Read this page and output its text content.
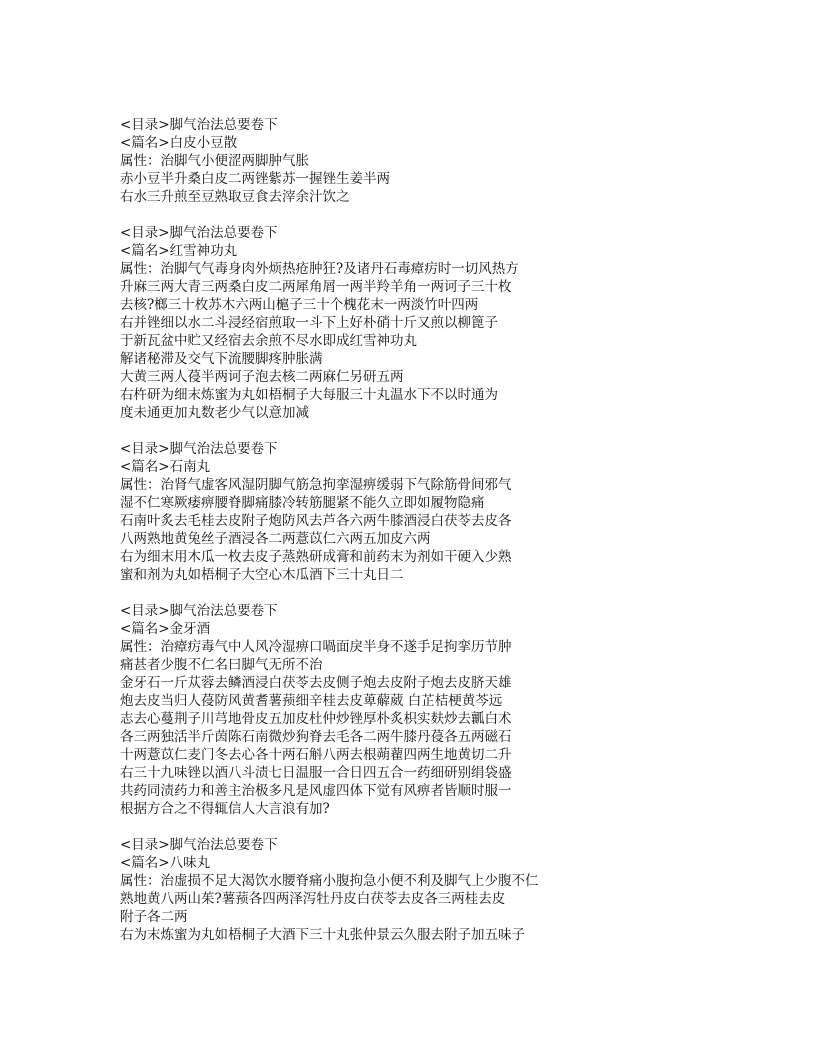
<目录>脚气治法总要卷下
<篇名>白皮小豆散
属性：治脚气小便涩两脚肿气胀
赤小豆半升桑白皮二两锉紫苏一握锉生姜半两
右水三升煎至豆熟取豆食去滓余汁饮之
<目录>脚气治法总要卷下
<篇名>红雪神功丸
属性：治脚气气毒身肉外烦热疮肿狂?及诸丹石毒瘴疠时一切风热方
升麻三两大青三两桑白皮二两犀角屑一两半羚羊角一两诃子三十枚
去核?榔三十枚苏木六两山槴子三十个槐花末一两淡竹叶四两
右并锉细以水二斗浸经宿煎取一斗下上好朴硝十斤又煎以柳篦子
于新瓦盆中贮又经宿去余煎不尽水即成红雪神功丸
解诸秘滞及交气下流腰脚疼肿胀满
大黄三两人葠半两诃子泡去核二两麻仁另研五两
右杵研为细末炼蜜为丸如梧桐子大每服三十丸温水下不以时通为
度未通更加丸数老少气以意加减
<目录>脚气治法总要卷下
<篇名>石南丸
属性：治肾气虚客风湿阴脚气筋急拘挛湿痹缓弱下气除筋骨间邪气
湿不仁寒厥痿痹腰脊脚痛膝冷转筋腿紧不能久立即如履物隐痛
石南叶炙去毛桂去皮附子炮防风去芦各六两牛膝酒浸白茯苓去皮各
八两熟地黄兔丝子酒浸各二两薏苡仁六两五加皮六两
右为细末用木瓜一枚去皮子蒸熟研成膏和前药末为剂如干硬入少熟
蜜和剂为丸如梧桐子大空心木瓜酒下三十丸日二
<目录>脚气治法总要卷下
<篇名>金牙酒
属性：治瘴疠毒气中人风冷湿痹口喎面戾半身不遂手足拘挛历节肿
痛甚者少腹不仁名曰脚气无所不治
金牙石一斤苁蓉去鳞酒浸白茯苓去皮侧子炮去皮附子炮去皮脐天雄
炮去皮当归人葠防风黄耆薯蓣细辛桂去皮萆薢葳 白芷桔梗黄芩远
志去心蔓荆子川芎地骨皮五加皮杜仲炒锉厚朴炙枳实麸炒去瓤白术
各三两独活半斤茵陈石南微炒狗脊去毛各二两牛膝丹葠各五两磁石
十两薏苡仁麦门冬去心各十两石斛八两去根蒴藋四两生地黄切二升
右三十九味锉以酒八斗渍七日温服一合日四五合一药细研别绢袋盛
共药同渍药力和善主治极多凡是风虚四体下觉有风痹者皆顺时服一
根据方合之不得辄信人大言浪有加?
<目录>脚气治法总要卷下
<篇名>八味丸
属性：治虚损不足大渴饮水腰脊痛小腹拘急小便不利及脚气上少腹不仁
熟地黄八两山茱?薯蓣各四两泽泻牡丹皮白茯苓去皮各三两桂去皮
附子各二两
右为末炼蜜为丸如梧桐子大酒下三十丸张仲景云久服去附子加五味子
